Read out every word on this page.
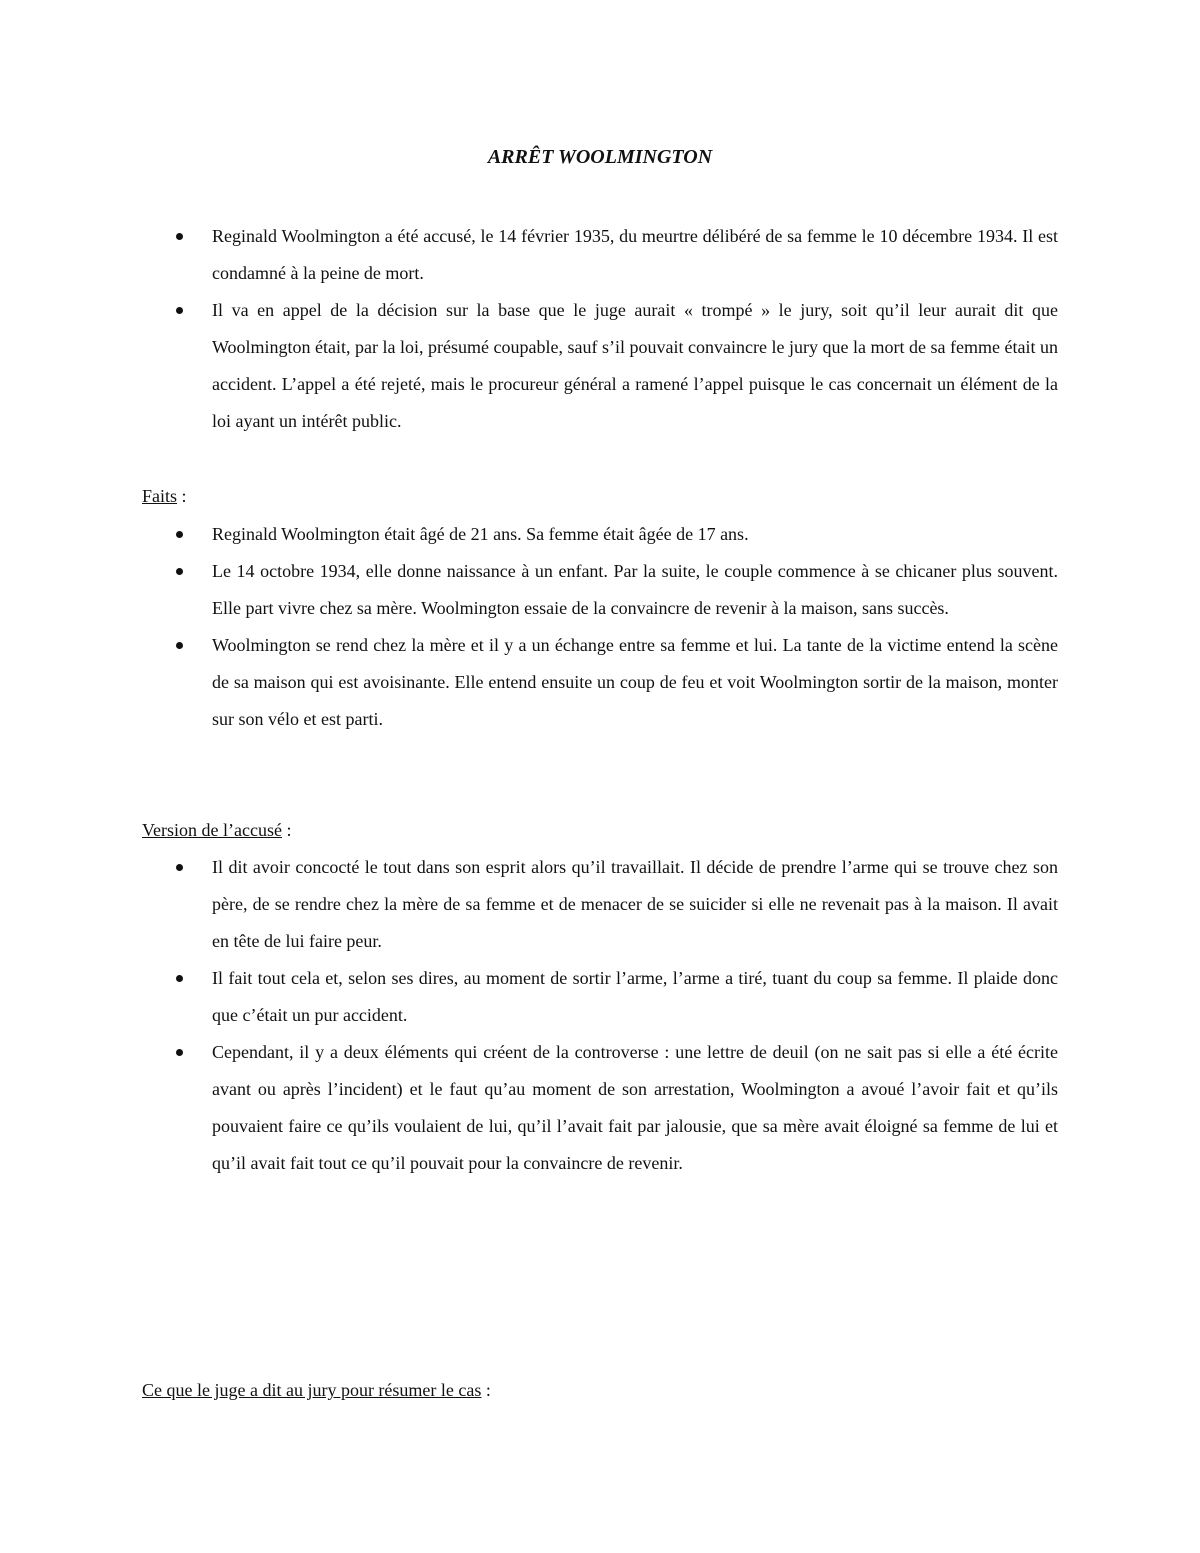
ARRÊT WOOLMINGTON
Reginald Woolmington a été accusé, le 14 février 1935, du meurtre délibéré de sa femme le 10 décembre 1934. Il est condamné à la peine de mort.
Il va en appel de la décision sur la base que le juge aurait « trompé » le jury, soit qu’il leur aurait dit que Woolmington était, par la loi, présumé coupable, sauf s’il pouvait convaincre le jury que la mort de sa femme était un accident. L’appel a été rejeté, mais le procureur général a ramené l’appel puisque le cas concernait un élément de la loi ayant un intérêt public.
Faits :
Reginald Woolmington était âgé de 21 ans. Sa femme était âgée de 17 ans.
Le 14 octobre 1934, elle donne naissance à un enfant. Par la suite, le couple commence à se chicaner plus souvent. Elle part vivre chez sa mère. Woolmington essaie de la convaincre de revenir à la maison, sans succès.
Woolmington se rend chez la mère et il y a un échange entre sa femme et lui. La tante de la victime entend la scène de sa maison qui est avoisinante. Elle entend ensuite un coup de feu et voit Woolmington sortir de la maison, monter sur son vélo et est parti.
Version de l’accusé :
Il dit avoir concocté le tout dans son esprit alors qu’il travaillait. Il décide de prendre l’arme qui se trouve chez son père, de se rendre chez la mère de sa femme et de menacer de se suicider si elle ne revenait pas à la maison. Il avait en tête de lui faire peur.
Il fait tout cela et, selon ses dires, au moment de sortir l’arme, l’arme a tiré, tuant du coup sa femme. Il plaide donc que c’était un pur accident.
Cependant, il y a deux éléments qui créent de la controverse : une lettre de deuil (on ne sait pas si elle a été écrite avant ou après l’incident) et le faut qu’au moment de son arrestation, Woolmington a avoué l’avoir fait et qu’ils pouvaient faire ce qu’ils voulaient de lui, qu’il l’avait fait par jalousie, que sa mère avait éloigné sa femme de lui et qu’il avait fait tout ce qu’il pouvait pour la convaincre de revenir.
Ce que le juge a dit au jury pour résumer le cas :
